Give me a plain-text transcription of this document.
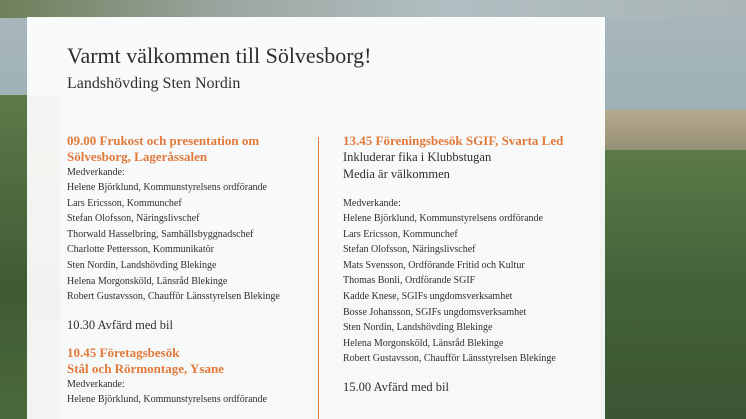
Varmt välkommen till Sölvesborg!
Landshövding Sten Nordin
09.00 Frukost och presentation om
Sölvesborg, Lageråssalen
Medverkande:
Helene Björklund, Kommunstyrelsens ordförande
Lars Ericsson, Kommunchef
Stefan Olofsson, Näringslivschef
Thorwald Hasselbring, Samhällsbyggnadschef
Charlotte Pettersson, Kommunikatör
Sten Nordin, Landshövding Blekinge
Helena Morgonsköld, Länsråd Blekinge
Robert Gustavsson, Chaufför Länsstyrelsen Blekinge
10.30 Avfärd med bil
10.45 Företagsbesök
Stål och Rörmontage, Ysane
Medverkande:
Helene Björklund, Kommunstyrelsens ordförande
13.45 Föreningsbesök SGIF, Svarta Led
Inkluderar fika i Klubbstugan
Media är välkommen
Medverkande:
Helene Björklund, Kommunstyrelsens ordförande
Lars Ericsson, Kommunchef
Stefan Olofsson, Näringslivschef
Mats Svensson, Ordförande Fritid och Kultur
Thomas Bonli, Ordförande SGIF
Kadde Knese, SGIFs ungdomsverksamhet
Bosse Johansson, SGIFs ungdomsverksamhet
Sten Nordin, Landshövding Blekinge
Helena Morgonsköld, Länsråd Blekinge
Robert Gustavsson, Chaufför Länsstyrelsen Blekinge
15.00 Avfärd med bil
